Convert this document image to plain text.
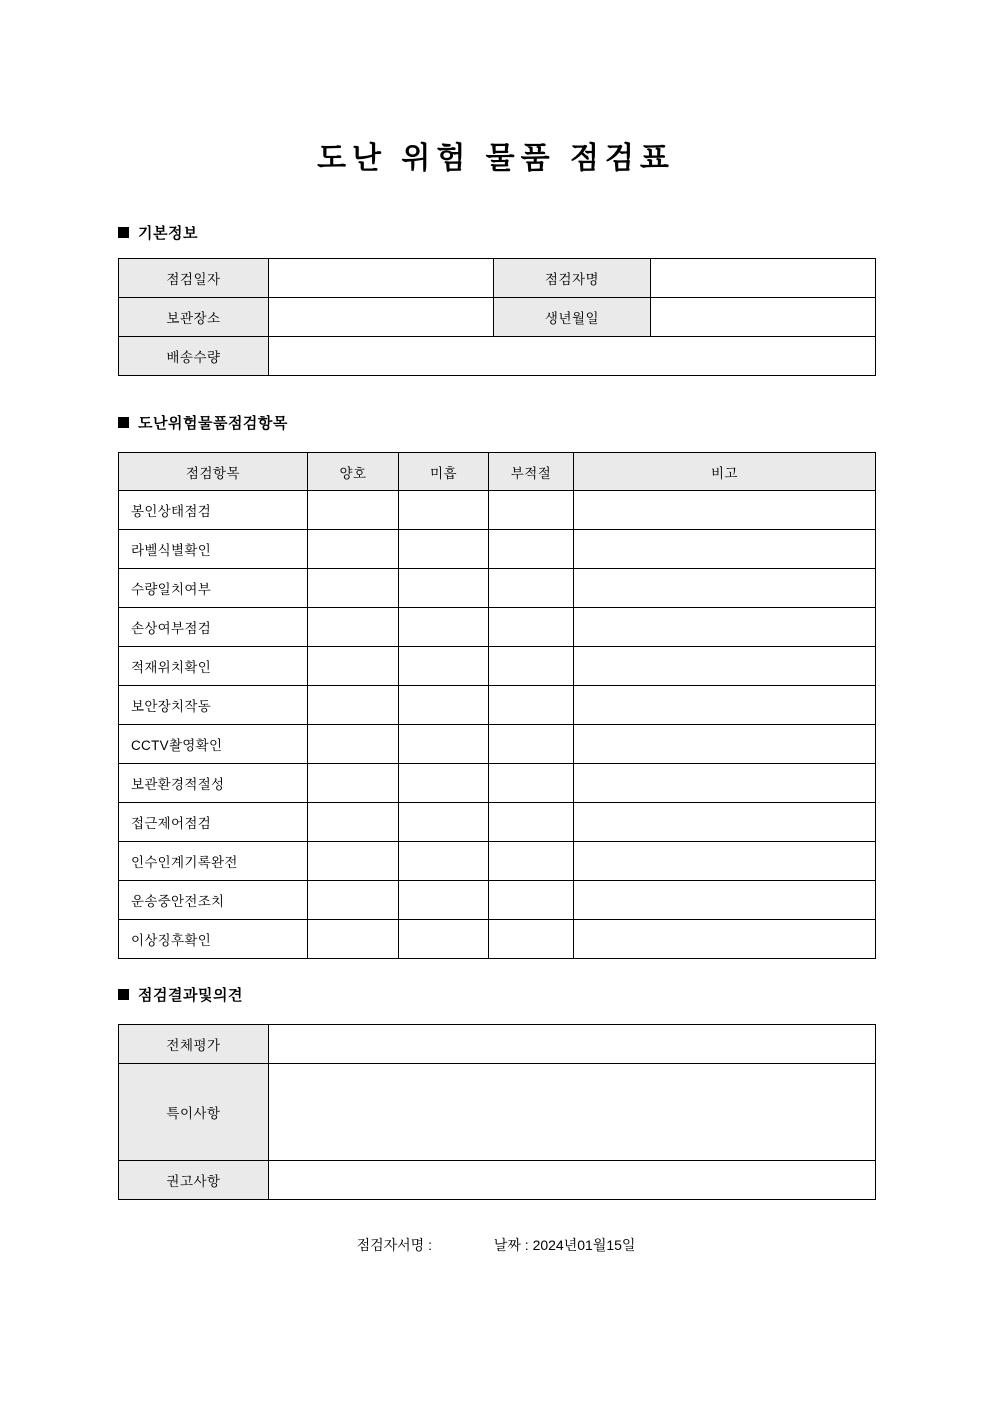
도난 위험 물품 점검표
기본정보
점검일자		점검자명	
보관장소		생년월일	
배송수량			
도난위험물품점검항목
점검항목	양호	미흡	부적절	비고
봉인상태점검				
라벨식별확인				
수량일치여부				
손상여부점검				
적재위치확인				
보안장치작동				
CCTV촬영확인				
보관환경적절성				
접근제어점검				
인수인계기록완전				
운송중안전조치				
이상징후확인				
점검결과및의견
전체평가	
특이사항	
권고사항	
점검자서명 :	날짜 : 2024년01월15일
